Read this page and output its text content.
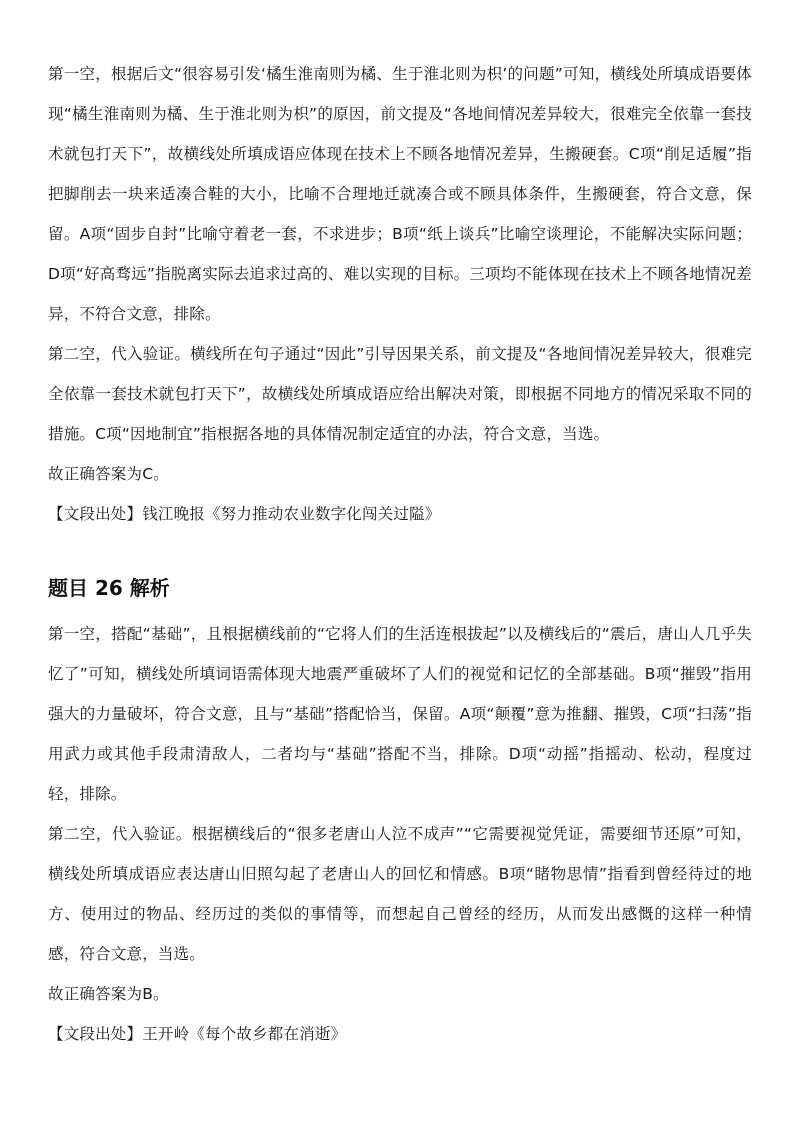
第一空，根据后文“很容易引发‘橘生淮南则为橘、生于淮北则为枳’的问题”可知，横线处所填成语要体现“橘生淮南则为橘、生于淮北则为枳”的原因，前文提及“各地间情况差异较大，很难完全依靠一套技术就包打天下”，故横线处所填成语应体现在技术上不顾各地情况差异，生搬硬套。C项“削足适履”指把脚削去一块来适凑合鞋的大小，比喻不合理地迁就凑合或不顾具体条件，生搬硬套，符合文意，保留。A项“固步自封”比喻守着老一套，不求进步；B项“纸上谈兵”比喻空谈理论，不能解决实际问题；D项“好高骛远”指脱离实际去追求过高的、难以实现的目标。三项均不能体现在技术上不顾各地情况差异，不符合文意，排除。

第二空，代入验证。横线所在句子通过“因此”引导因果关系，前文提及“各地间情况差异较大，很难完全依靠一套技术就包打天下”，故横线处所填成语应给出解决对策，即根据不同地方的情况采取不同的措施。C项“因地制宜”指根据各地的具体情况制定适宜的办法，符合文意，当选。

故正确答案为C。

【文段出处】钱江晚报《努力推动农业数字化闯关过隘》

题目 26 解析

第一空，搭配“基础”，且根据横线前的“它将人们的生活连根拔起”以及横线后的“震后，唐山人几乎失忆了”可知，横线处所填词语需体现大地震严重破坏了人们的视觉和记忆的全部基础。B项“摧毁”指用强大的力量破坏，符合文意，且与“基础”搭配恰当，保留。A项“颠覆”意为推翻、摧毁，C项“扫荡”指用武力或其他手段肃清敌人，二者均与“基础”搭配不当，排除。D项“动摇”指摇动、松动，程度过轻，排除。

第二空，代入验证。根据横线后的“很多老唐山人泣不成声”“它需要视觉凭证，需要细节还原”可知，横线处所填成语应表达唐山旧照勾起了老唐山人的回忆和情感。B项“睹物思情”指看到曾经待过的地方、使用过的物品、经历过的类似的事情等，而想起自己曾经的经历，从而发出感慨的这样一种情感，符合文意，当选。

故正确答案为B。

【文段出处】王开岭《每个故乡都在消逝》
